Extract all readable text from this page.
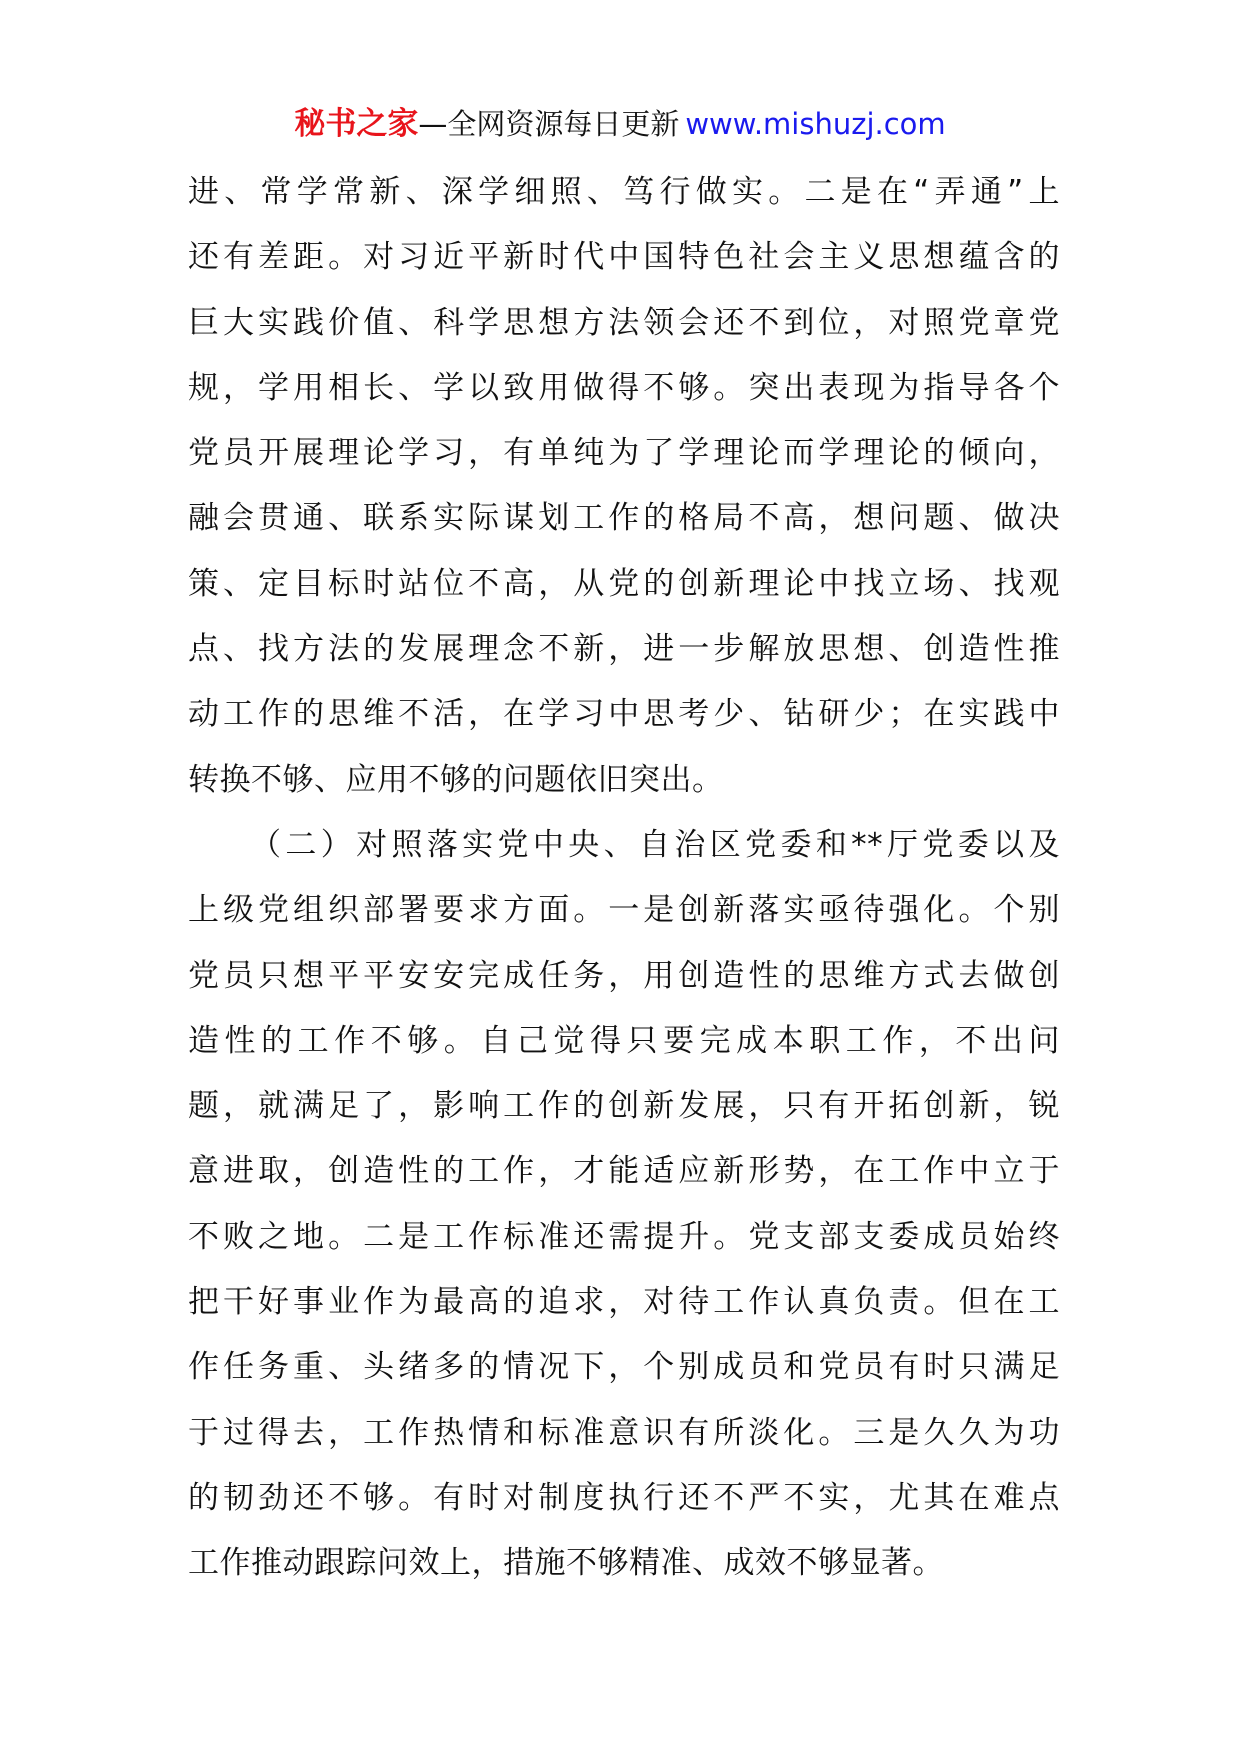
秘书之家—全网资源每日更新 www.mishuzj.com
进、常学常新、深学细照、笃行做实。二是在“弄通”上
还有差距。对习近平新时代中国特色社会主义思想蕴含的
巨大实践价值、科学思想方法领会还不到位，对照党章党
规，学用相长、学以致用做得不够。突出表现为指导各个
党员开展理论学习，有单纯为了学理论而学理论的倾向，
融会贯通、联系实际谋划工作的格局不高，想问题、做决
策、定目标时站位不高，从党的创新理论中找立场、找观
点、找方法的发展理念不新，进一步解放思想、创造性推
动工作的思维不活，在学习中思考少、钻研少；在实践中
转换不够、应用不够的问题依旧突出。
（二）对照落实党中央、自治区党委和**厅党委以及
上级党组织部署要求方面。一是创新落实亟待强化。个别
党员只想平平安安完成任务，用创造性的思维方式去做创
造性的工作不够。自己觉得只要完成本职工作，不出问
题，就满足了，影响工作的创新发展，只有开拓创新，锐
意进取，创造性的工作，才能适应新形势，在工作中立于
不败之地。二是工作标准还需提升。党支部支委成员始终
把干好事业作为最高的追求，对待工作认真负责。但在工
作任务重、头绪多的情况下，个别成员和党员有时只满足
于过得去，工作热情和标准意识有所淡化。三是久久为功
的韧劲还不够。有时对制度执行还不严不实，尤其在难点
工作推动跟踪问效上，措施不够精准、成效不够显著。
